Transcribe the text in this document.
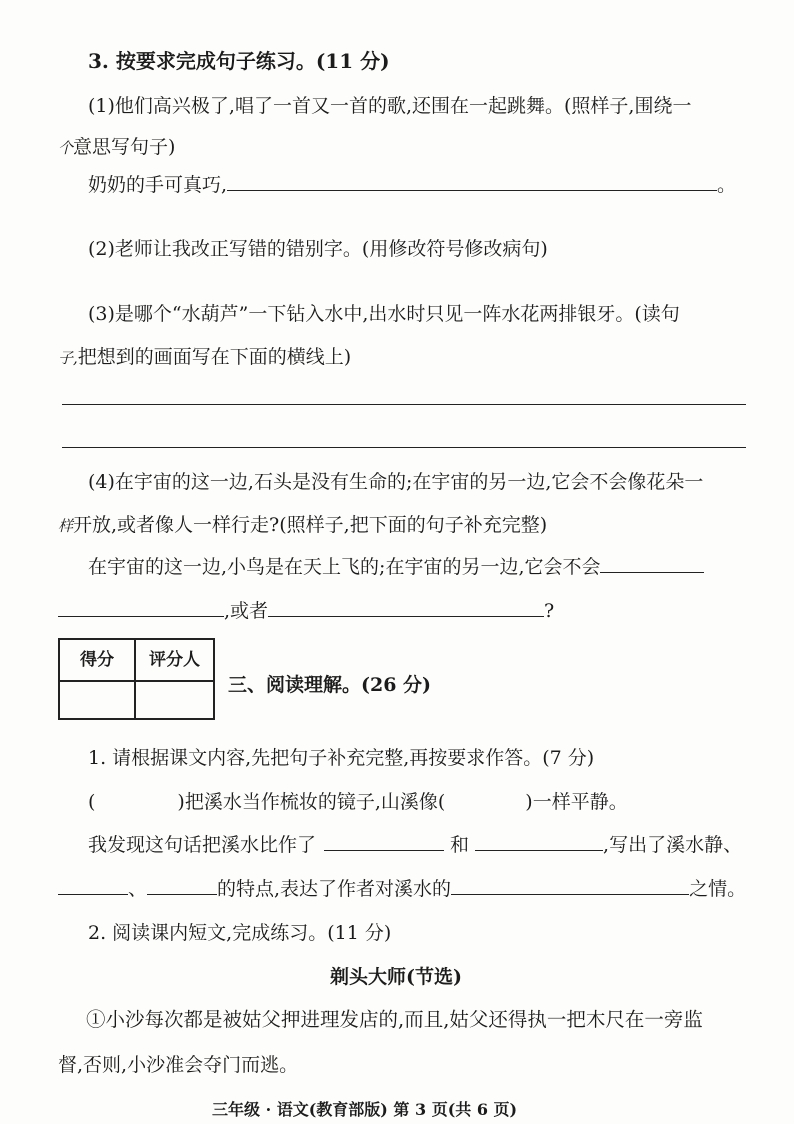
3. 按要求完成句子练习。(11 分)
(1)他们高兴极了,唱了一首又一首的歌,还围在一起跳舞。(照样子,围绕一
个意思写句子)
奶奶的手可真巧,	。
(2)老师让我改正写错的错别字。(用修改符号修改病句)
(3)是哪个“水葫芦”一下钻入水中,出水时只见一阵水花两排银牙。(读句
子,把想到的画面写在下面的横线上)
(4)在宇宙的这一边,石头是没有生命的;在宇宙的另一边,它会不会像花朵一
样开放,或者像人一样行走?(照样子,把下面的句子补充完整)
在宇宙的这一边,小鸟是在天上飞的;在宇宙的另一边,它会不会
,或者	?
得分	评分人
三、阅读理解。(26 分)
1. 请根据课文内容,先把句子补充完整,再按要求作答。(7 分)
(	)把溪水当作梳妆的镜子,山溪像(	)一样平静。
我发现这句话把溪水比作了	和	,写出了溪水静、
、	的特点,表达了作者对溪水的	之情。
2. 阅读课内短文,完成练习。(11 分)
剃头大师(节选)
①小沙每次都是被姑父押进理发店的,而且,姑父还得执一把木尺在一旁监
督,否则,小沙准会夺门而逃。
三年级 · 语文(教育部版) 第 3 页(共 6 页)
